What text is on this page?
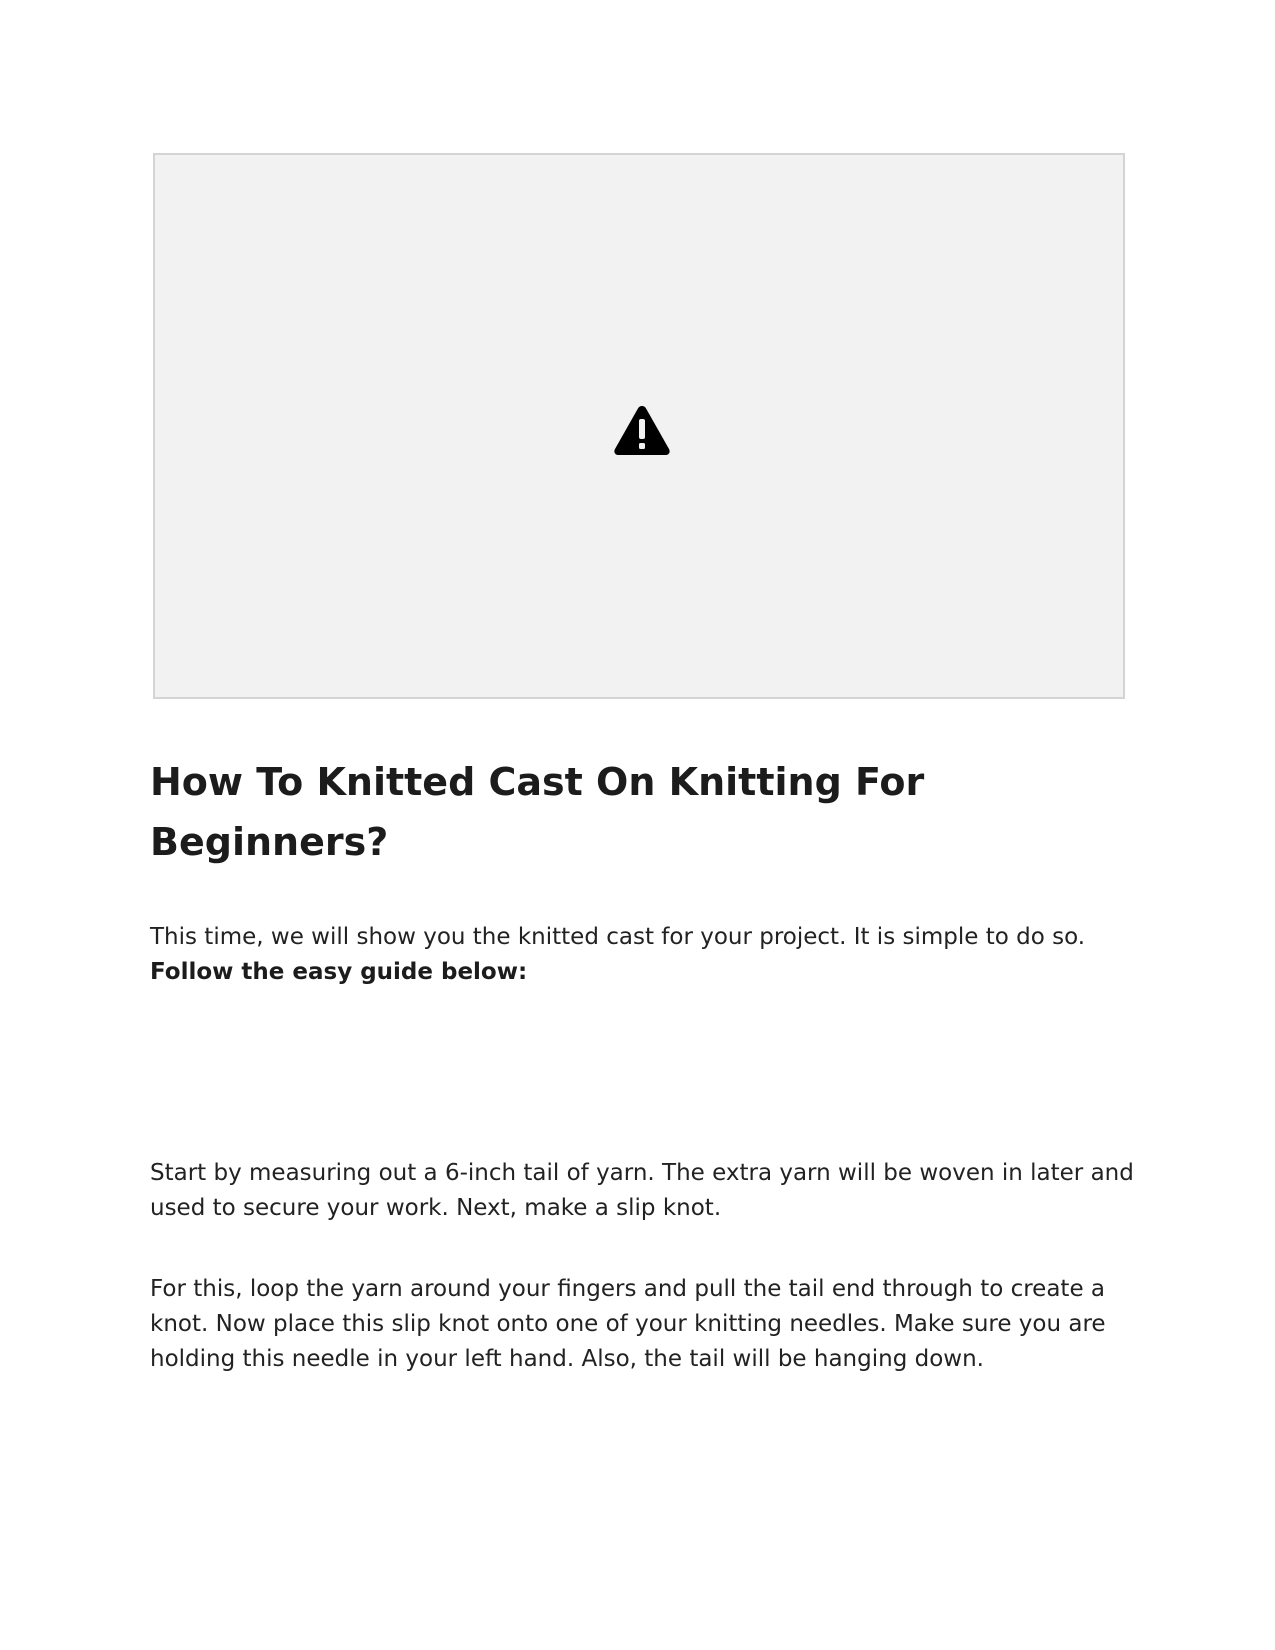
How To Knitted Cast On Knitting For Beginners?

This time, we will show you the knitted cast for your project. It is simple to do so. Follow the easy guide below:

Start by measuring out a 6-inch tail of yarn. The extra yarn will be woven in later and used to secure your work. Next, make a slip knot.

For this, loop the yarn around your fingers and pull the tail end through to create a knot. Now place this slip knot onto one of your knitting needles. Make sure you are holding this needle in your left hand. Also, the tail will be hanging down.
